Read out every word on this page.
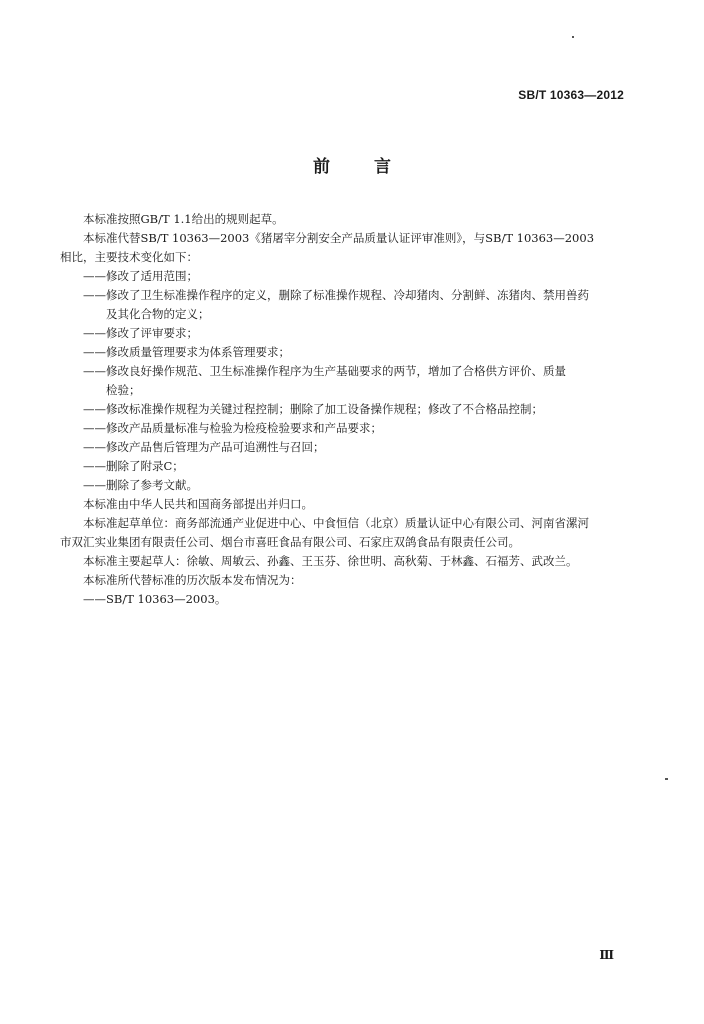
SB/T 10363—2012
前言

本标准按照GB/T 1.1给出的规则起草。

本标准代替SB/T 10363—2003《猪屠宰分割安全产品质量认证评审准则》，与SB/T 10363—2003

相比，主要技术变化如下：

——修改了适用范围；

——修改了卫生标准操作程序的定义，删除了标准操作规程、冷却猪肉、分割鲜、冻猪肉、禁用兽药

及其化合物的定义；

——修改了评审要求；

——修改质量管理要求为体系管理要求；

——修改良好操作规范、卫生标准操作程序为生产基础要求的两节，增加了合格供方评价、质量

检验；

——修改标准操作规程为关键过程控制；删除了加工设备操作规程；修改了不合格品控制；

——修改产品质量标准与检验为检疫检验要求和产品要求；

——修改产品售后管理为产品可追溯性与召回；

——删除了附录C；

——删除了参考文献。

本标准由中华人民共和国商务部提出并归口。

本标准起草单位：商务部流通产业促进中心、中食恒信（北京）质量认证中心有限公司、河南省漯河

市双汇实业集团有限责任公司、烟台市喜旺食品有限公司、石家庄双鸽食品有限责任公司。

本标准主要起草人：徐敏、周敏云、孙鑫、王玉芬、徐世明、高秋菊、于林鑫、石福芳、武改兰。

本标准所代替标准的历次版本发布情况为：

——SB/T 10363—2003。

Ⅲ
